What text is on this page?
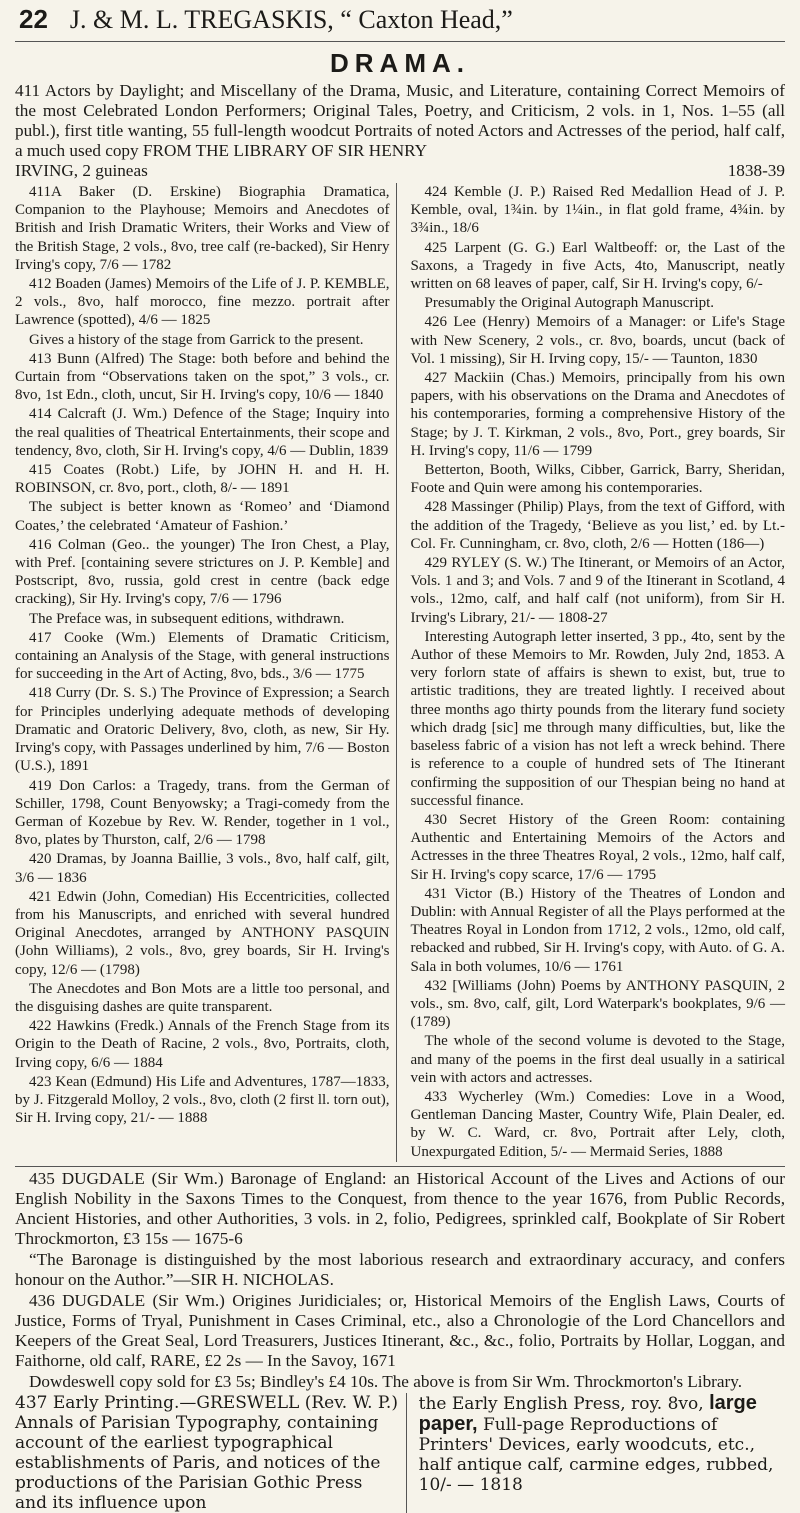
22 J. & M. L. TREGASKIS, “ Caxton Head,”
DRAMA.
411 Actors by Daylight; and Miscellany of the Drama, Music, and Literature, containing Correct Memoirs of the most Celebrated London Performers; Original Tales, Poetry, and Criticism, 2 vols. in 1, Nos. 1–55 (all publ.), first title wanting, 55 full-length woodcut Portraits of noted Actors and Actresses of the period, half calf, a much used copy FROM THE LIBRARY OF SIR HENRY
IRVING, 2 guineas	1838-39

411A Baker (D. Erskine) Biographia Dramatica, Companion to the Playhouse; Memoirs and Anecdotes of British and Irish Dramatic Writers, their Works and View of the British Stage, 2 vols., 8vo, tree calf (re-backed), Sir Henry Irving's copy, 7/6 — 1782

412 Boaden (James) Memoirs of the Life of J. P. KEMBLE, 2 vols., 8vo, half morocco, fine mezzo. portrait after Lawrence (spotted), 4/6 — 1825

Gives a history of the stage from Garrick to the present.

413 Bunn (Alfred) The Stage: both before and behind the Curtain from “Observations taken on the spot,” 3 vols., cr. 8vo, 1st Edn., cloth, uncut, Sir H. Irving's copy, 10/6 — 1840

414 Calcraft (J. Wm.) Defence of the Stage; Inquiry into the real qualities of Theatrical Entertainments, their scope and tendency, 8vo, cloth, Sir H. Irving's copy, 4/6 — Dublin, 1839

415 Coates (Robt.) Life, by JOHN H. and H. H. ROBINSON, cr. 8vo, port., cloth, 8/- — 1891

The subject is better known as ‘Romeo’ and ‘Diamond Coates,’ the celebrated ‘Amateur of Fashion.’

416 Colman (Geo.. the younger) The Iron Chest, a Play, with Pref. [containing severe strictures on J. P. Kemble] and Postscript, 8vo, russia, gold crest in centre (back edge cracking), Sir Hy. Irving's copy, 7/6 — 1796

The Preface was, in subsequent editions, withdrawn.

417 Cooke (Wm.) Elements of Dramatic Criticism, containing an Analysis of the Stage, with general instructions for succeeding in the Art of Acting, 8vo, bds., 3/6 — 1775

418 Curry (Dr. S. S.) The Province of Expression; a Search for Principles underlying adequate methods of developing Dramatic and Oratoric Delivery, 8vo, cloth, as new, Sir Hy. Irving's copy, with Passages underlined by him, 7/6 — Boston (U.S.), 1891

419 Don Carlos: a Tragedy, trans. from the German of Schiller, 1798, Count Benyowsky; a Tragi-comedy from the German of Kozebue by Rev. W. Render, together in 1 vol., 8vo, plates by Thurston, calf, 2/6 — 1798

420 Dramas, by Joanna Baillie, 3 vols., 8vo, half calf, gilt, 3/6 — 1836

421 Edwin (John, Comedian) His Eccentricities, collected from his Manuscripts, and enriched with several hundred Original Anecdotes, arranged by ANTHONY PASQUIN (John Williams), 2 vols., 8vo, grey boards, Sir H. Irving's copy, 12/6 — (1798)

The Anecdotes and Bon Mots are a little too personal, and the disguising dashes are quite transparent.

422 Hawkins (Fredk.) Annals of the French Stage from its Origin to the Death of Racine, 2 vols., 8vo, Portraits, cloth, Irving copy, 6/6 — 1884

423 Kean (Edmund) His Life and Adventures, 1787—1833, by J. Fitzgerald Molloy, 2 vols., 8vo, cloth (2 first ll. torn out), Sir H. Irving copy, 21/- — 1888

424 Kemble (J. P.) Raised Red Medallion Head of J. P. Kemble, oval, 1¾in. by 1¼in., in flat gold frame, 4¾in. by 3¾in., 18/6

425 Larpent (G. G.) Earl Waltbeoff: or, the Last of the Saxons, a Tragedy in five Acts, 4to, Manuscript, neatly written on 68 leaves of paper, calf, Sir H. Irving's copy, 6/-

Presumably the Original Autograph Manuscript.

426 Lee (Henry) Memoirs of a Manager: or Life's Stage with New Scenery, 2 vols., cr. 8vo, boards, uncut (back of Vol. 1 missing), Sir H. Irving copy, 15/- — Taunton, 1830

427 Mackiin (Chas.) Memoirs, principally from his own papers, with his observations on the Drama and Anecdotes of his contemporaries, forming a comprehensive History of the Stage; by J. T. Kirkman, 2 vols., 8vo, Port., grey boards, Sir H. Irving's copy, 11/6 — 1799

Betterton, Booth, Wilks, Cibber, Garrick, Barry, Sheridan, Foote and Quin were among his contemporaries.

428 Massinger (Philip) Plays, from the text of Gifford, with the addition of the Tragedy, ‘Believe as you list,’ ed. by Lt.-Col. Fr. Cunningham, cr. 8vo, cloth, 2/6 — Hotten (186—)

429 RYLEY (S. W.) The Itinerant, or Memoirs of an Actor, Vols. 1 and 3; and Vols. 7 and 9 of the Itinerant in Scotland, 4 vols., 12mo, calf, and half calf (not uniform), from Sir H. Irving's Library, 21/- — 1808-27

Interesting Autograph letter inserted, 3 pp., 4to, sent by the Author of these Memoirs to Mr. Rowden, July 2nd, 1853. A very forlorn state of affairs is shewn to exist, but, true to artistic traditions, they are treated lightly. I received about three months ago thirty pounds from the literary fund society which dradg [sic] me through many difficulties, but, like the baseless fabric of a vision has not left a wreck behind. There is reference to a couple of hundred sets of The Itinerant confirming the supposition of our Thespian being no hand at successful finance.

430 Secret History of the Green Room: containing Authentic and Entertaining Memoirs of the Actors and Actresses in the three Theatres Royal, 2 vols., 12mo, half calf, Sir H. Irving's copy scarce, 17/6 — 1795

431 Victor (B.) History of the Theatres of London and Dublin: with Annual Register of all the Plays performed at the Theatres Royal in London from 1712, 2 vols., 12mo, old calf, rebacked and rubbed, Sir H. Irving's copy, with Auto. of G. A. Sala in both volumes, 10/6 — 1761

432 [Williams (John) Poems by ANTHONY PASQUIN, 2 vols., sm. 8vo, calf, gilt, Lord Waterpark's bookplates, 9/6 — (1789)

The whole of the second volume is devoted to the Stage, and many of the poems in the first deal usually in a satirical vein with actors and actresses.

433 Wycherley (Wm.) Comedies: Love in a Wood, Gentleman Dancing Master, Country Wife, Plain Dealer, ed. by W. C. Ward, cr. 8vo, Portrait after Lely, cloth, Unexpurgated Edition, 5/- — Mermaid Series, 1888

435 DUGDALE (Sir Wm.) Baronage of England: an Historical Account of the Lives and Actions of our English Nobility in the Saxons Times to the Conquest, from thence to the year 1676, from Public Records, Ancient Histories, and other Authorities, 3 vols. in 2, folio, Pedigrees, sprinkled calf, Bookplate of Sir Robert Throckmorton, £3 15s — 1675-6

“The Baronage is distinguished by the most laborious research and extraordinary accuracy, and confers honour on the Author.”—SIR H. NICHOLAS.

436 DUGDALE (Sir Wm.) Origines Juridiciales; or, Historical Memoirs of the English Laws, Courts of Justice, Forms of Tryal, Punishment in Cases Criminal, etc., also a Chronologie of the Lord Chancellors and Keepers of the Great Seal, Lord Treasurers, Justices Itinerant, &c., &c., folio, Portraits by Hollar, Loggan, and Faithorne, old calf, RARE, £2 2s — In the Savoy, 1671

Dowdeswell copy sold for £3 5s; Bindley's £4 10s. The above is from Sir Wm. Throckmorton's Library.

437 Early Printing.—GRESWELL (Rev. W. P.) Annals of Parisian Typography, containing account of the earliest typographical establishments of Paris, and notices of the productions of the Parisian Gothic Press and its influence upon
the Early English Press, roy. 8vo, large paper, Full-page Reproductions of Printers' Devices, early woodcuts, etc., half antique calf, carmine edges, rubbed, 10/- — 1818
